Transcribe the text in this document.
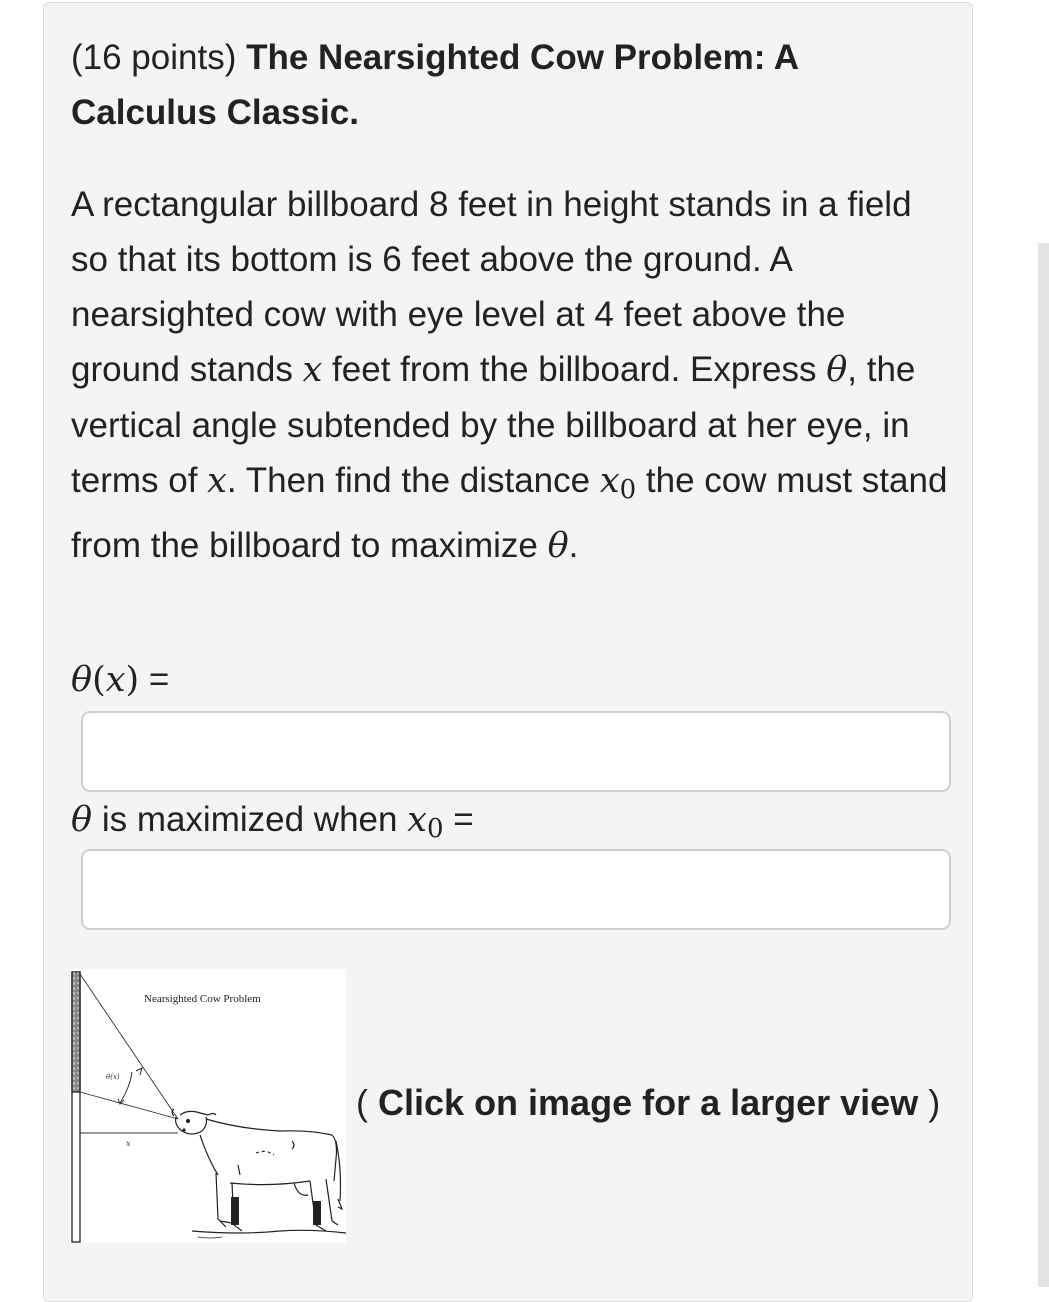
(16 points) The Nearsighted Cow Problem: A Calculus Classic.
A rectangular billboard 8 feet in height stands in a field so that its bottom is 6 feet above the ground. A nearsighted cow with eye level at 4 feet above the ground stands x feet from the billboard. Express θ, the vertical angle subtended by the billboard at her eye, in terms of x. Then find the distance $x_0$ the cow must stand from the billboard to maximize θ.
θ(x) =
θ is maximized when $x_0$ =
x
θ(x)
Nearsighted Cow Problem
( Click on image for a larger view )
